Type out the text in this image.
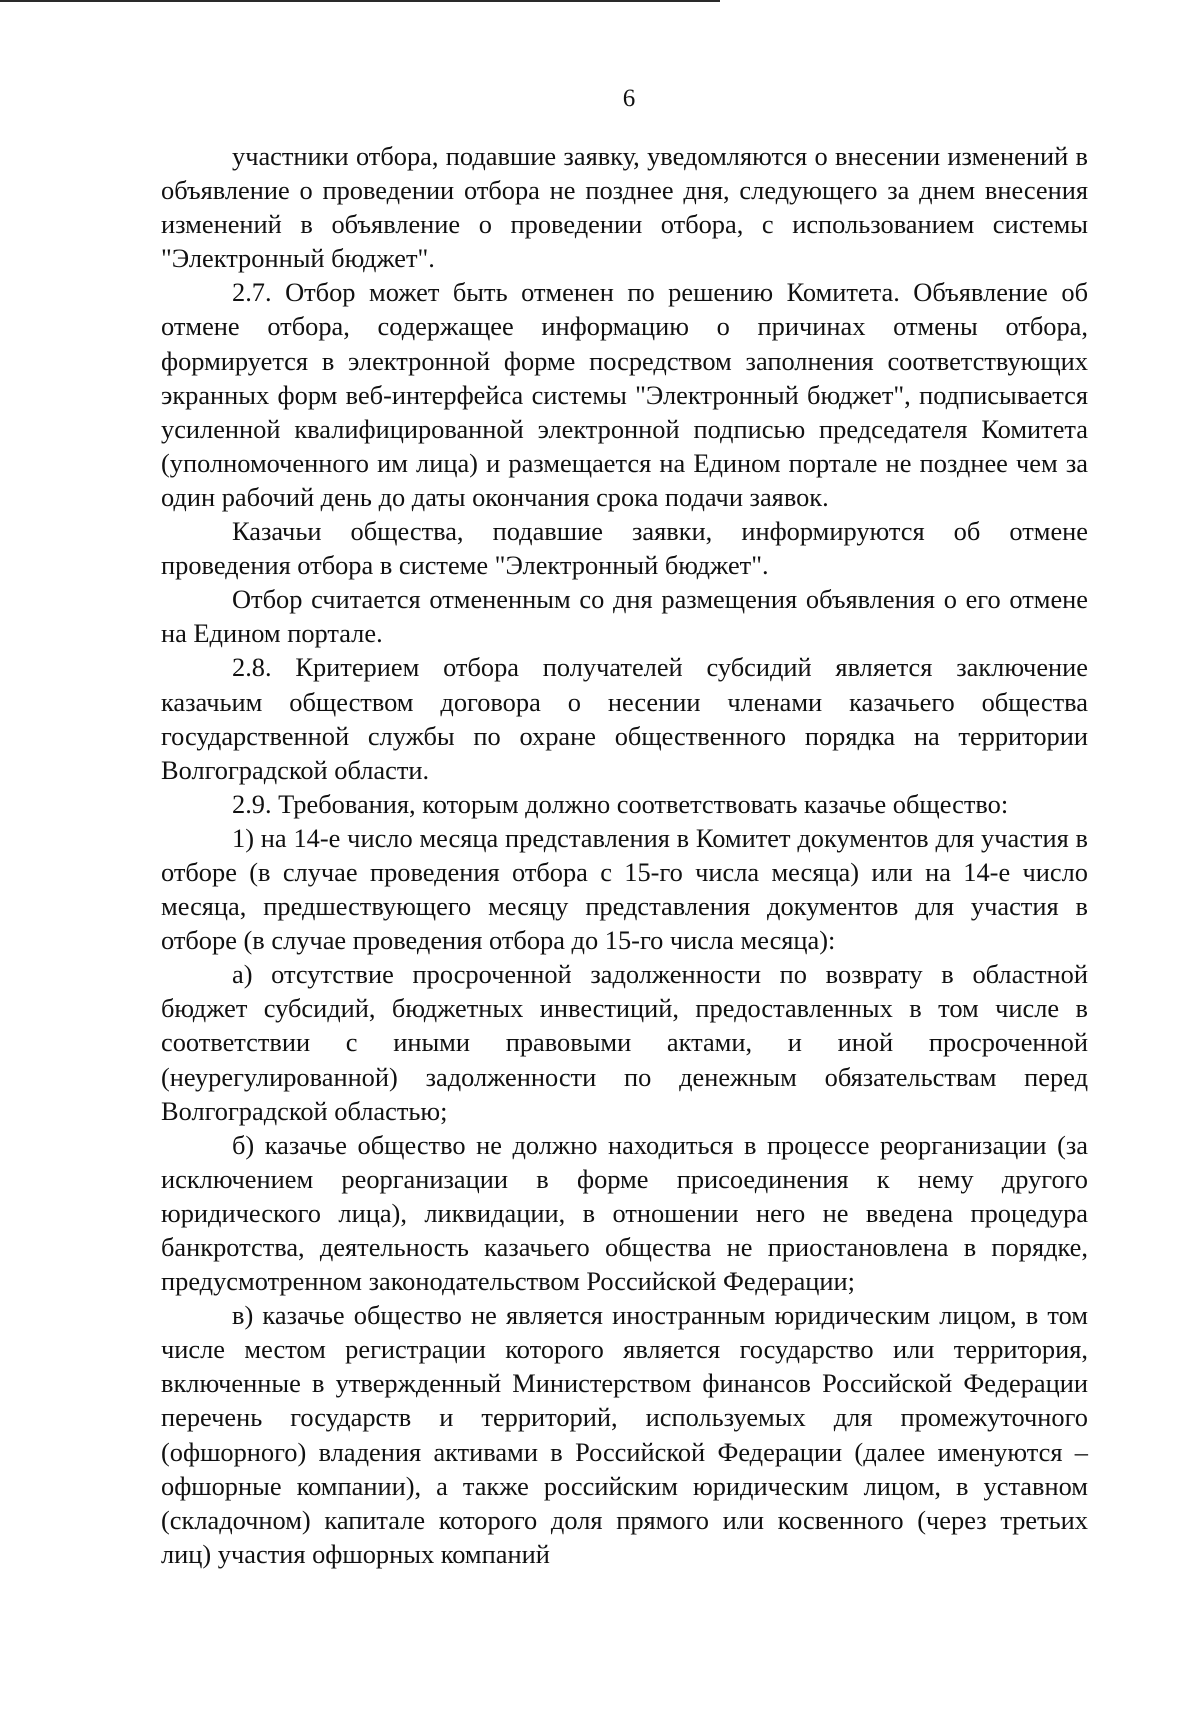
6

участники отбора, подавшие заявку, уведомляются о внесении изменений в объявление о проведении отбора не позднее дня, следующего за днем внесения изменений в объявление о проведении отбора, с использованием системы "Электронный бюджет".

2.7. Отбор может быть отменен по решению Комитета. Объявление об отмене отбора, содержащее информацию о причинах отмены отбора, формируется в электронной форме посредством заполнения соответствующих экранных форм веб-интерфейса системы "Электронный бюджет", подписывается усиленной квалифицированной электронной подписью председателя Комитета (уполномоченного им лица) и размещается на Едином портале не позднее чем за один рабочий день до даты окончания срока подачи заявок.

Казачьи общества, подавшие заявки, информируются об отмене проведения отбора в системе "Электронный бюджет".

Отбор считается отмененным со дня размещения объявления о его отмене на Едином портале.

2.8. Критерием отбора получателей субсидий является заключение казачьим обществом договора о несении членами казачьего общества государственной службы по охране общественного порядка на территории Волгоградской области.

2.9. Требования, которым должно соответствовать казачье общество:

1) на 14-е число месяца представления в Комитет документов для участия в отборе (в случае проведения отбора с 15-го числа месяца) или на 14-е число месяца, предшествующего месяцу представления документов для участия в отборе (в случае проведения отбора до 15-го числа месяца):

а) отсутствие просроченной задолженности по возврату в областной бюджет субсидий, бюджетных инвестиций, предоставленных в том числе в соответствии с иными правовыми актами, и иной просроченной (неурегулированной) задолженности по денежным обязательствам перед Волгоградской областью;

б) казачье общество не должно находиться в процессе реорганизации (за исключением реорганизации в форме присоединения к нему другого юридического лица), ликвидации, в отношении него не введена процедура банкротства, деятельность казачьего общества не приостановлена в порядке, предусмотренном законодательством Российской Федерации;

в) казачье общество не является иностранным юридическим лицом, в том числе местом регистрации которого является государство или территория, включенные в утвержденный Министерством финансов Российской Федерации перечень государств и территорий, используемых для промежуточного (офшорного) владения активами в Российской Федерации (далее именуются – офшорные компании), а также российским юридическим лицом, в уставном (складочном) капитале которого доля прямого или косвенного (через третьих лиц) участия офшорных компаний
